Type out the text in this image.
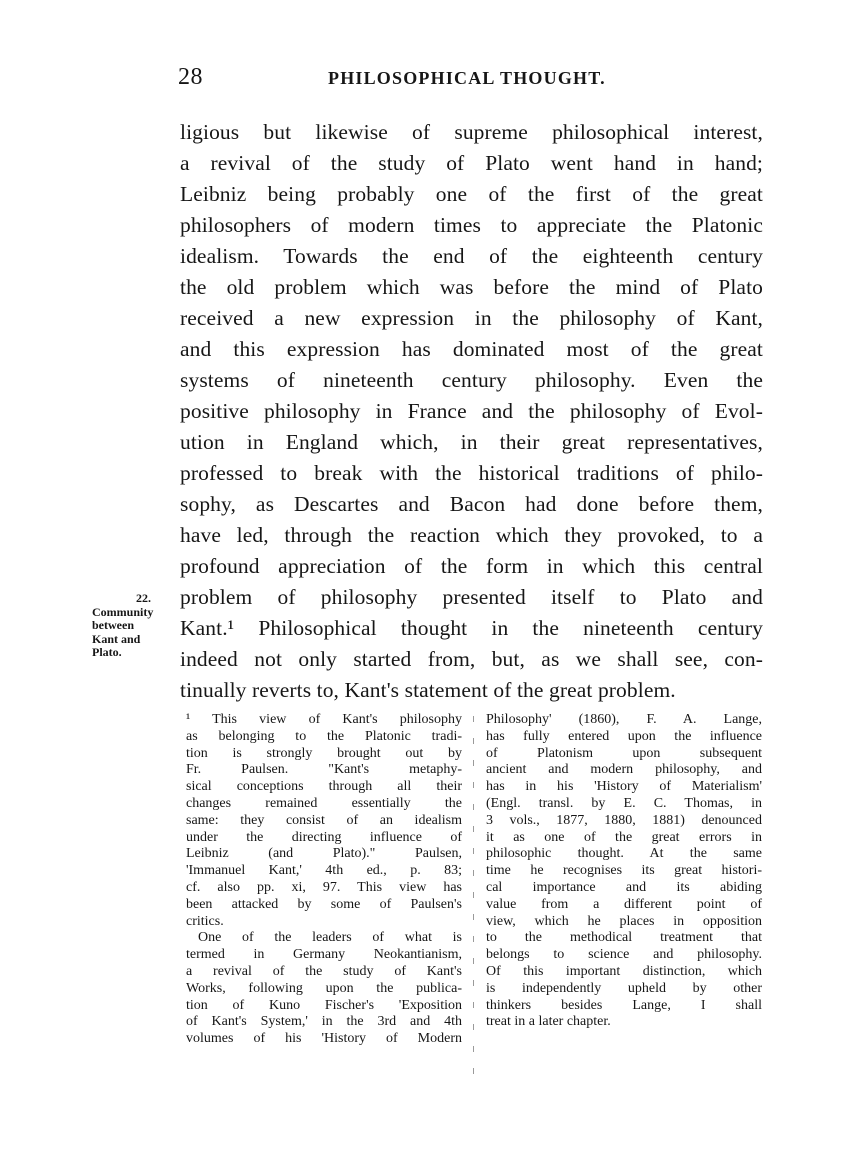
28	PHILOSOPHICAL THOUGHT.
22.
Community
between
Kant and
Plato.
ligious but likewise of supreme philosophical interest,
a revival of the study of Plato went hand in hand;
Leibniz being probably one of the first of the great
philosophers of modern times to appreciate the Platonic
idealism. Towards the end of the eighteenth century
the old problem which was before the mind of Plato
received a new expression in the philosophy of Kant,
and this expression has dominated most of the great
systems of nineteenth century philosophy. Even the
positive philosophy in France and the philosophy of Evol-
ution in England which, in their great representatives,
professed to break with the historical traditions of philo-
sophy, as Descartes and Bacon had done before them,
have led, through the reaction which they provoked, to a
profound appreciation of the form in which this central
problem of philosophy presented itself to Plato and
Kant.¹ Philosophical thought in the nineteenth century
indeed not only started from, but, as we shall see, con-
tinually reverts to, Kant's statement of the great problem.
¹ This view of Kant's philosophy
as belonging to the Platonic tradi-
tion is strongly brought out by
Fr. Paulsen. "Kant's metaphy-
sical conceptions through all their
changes remained essentially the
same: they consist of an idealism
under the directing influence of
Leibniz (and Plato)." Paulsen,
'Immanuel Kant,' 4th ed., p. 83;
cf. also pp. xi, 97. This view has
been attacked by some of Paulsen's
critics.
One of the leaders of what is
termed in Germany Neokantianism,
a revival of the study of Kant's
Works, following upon the publica-
tion of Kuno Fischer's 'Exposition
of Kant's System,' in the 3rd and 4th
volumes of his 'History of Modern
Philosophy' (1860), F. A. Lange,
has fully entered upon the influence
of Platonism upon subsequent
ancient and modern philosophy, and
has in his 'History of Materialism'
(Engl. transl. by E. C. Thomas, in
3 vols., 1877, 1880, 1881) denounced
it as one of the great errors in
philosophic thought. At the same
time he recognises its great histori-
cal importance and its abiding
value from a different point of
view, which he places in opposition
to the methodical treatment that
belongs to science and philosophy.
Of this important distinction, which
is independently upheld by other
thinkers besides Lange, I shall
treat in a later chapter.
